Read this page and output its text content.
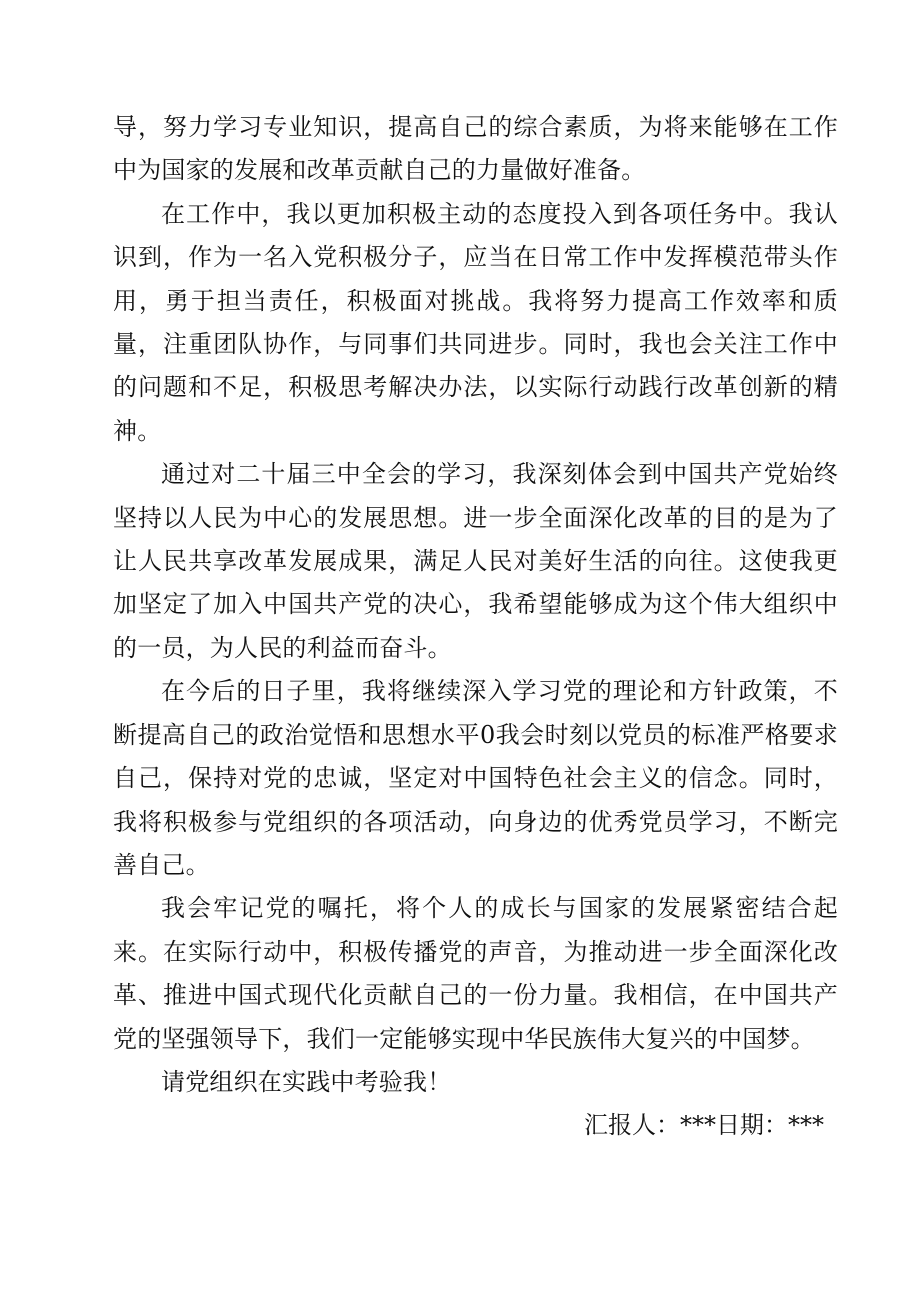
导，努力学习专业知识，提高自己的综合素质，为将来能够在工作中为国家的发展和改革贡献自己的力量做好准备。

在工作中，我以更加积极主动的态度投入到各项任务中。我认识到，作为一名入党积极分子，应当在日常工作中发挥模范带头作用，勇于担当责任，积极面对挑战。我将努力提高工作效率和质量，注重团队协作，与同事们共同进步。同时，我也会关注工作中的问题和不足，积极思考解决办法，以实际行动践行改革创新的精神。

通过对二十届三中全会的学习，我深刻体会到中国共产党始终坚持以人民为中心的发展思想。进一步全面深化改革的目的是为了让人民共享改革发展成果，满足人民对美好生活的向往。这使我更加坚定了加入中国共产党的决心，我希望能够成为这个伟大组织中的一员，为人民的利益而奋斗。

在今后的日子里，我将继续深入学习党的理论和方针政策，不断提高自己的政治觉悟和思想水平0我会时刻以党员的标准严格要求自己，保持对党的忠诚，坚定对中国特色社会主义的信念。同时，我将积极参与党组织的各项活动，向身边的优秀党员学习，不断完善自己。

我会牢记党的嘱托，将个人的成长与国家的发展紧密结合起来。在实际行动中，积极传播党的声音，为推动进一步全面深化改革、推进中国式现代化贡献自己的一份力量。我相信，在中国共产党的坚强领导下，我们一定能够实现中华民族伟大复兴的中国梦。

请党组织在实践中考验我！

汇报人：***日期：***
